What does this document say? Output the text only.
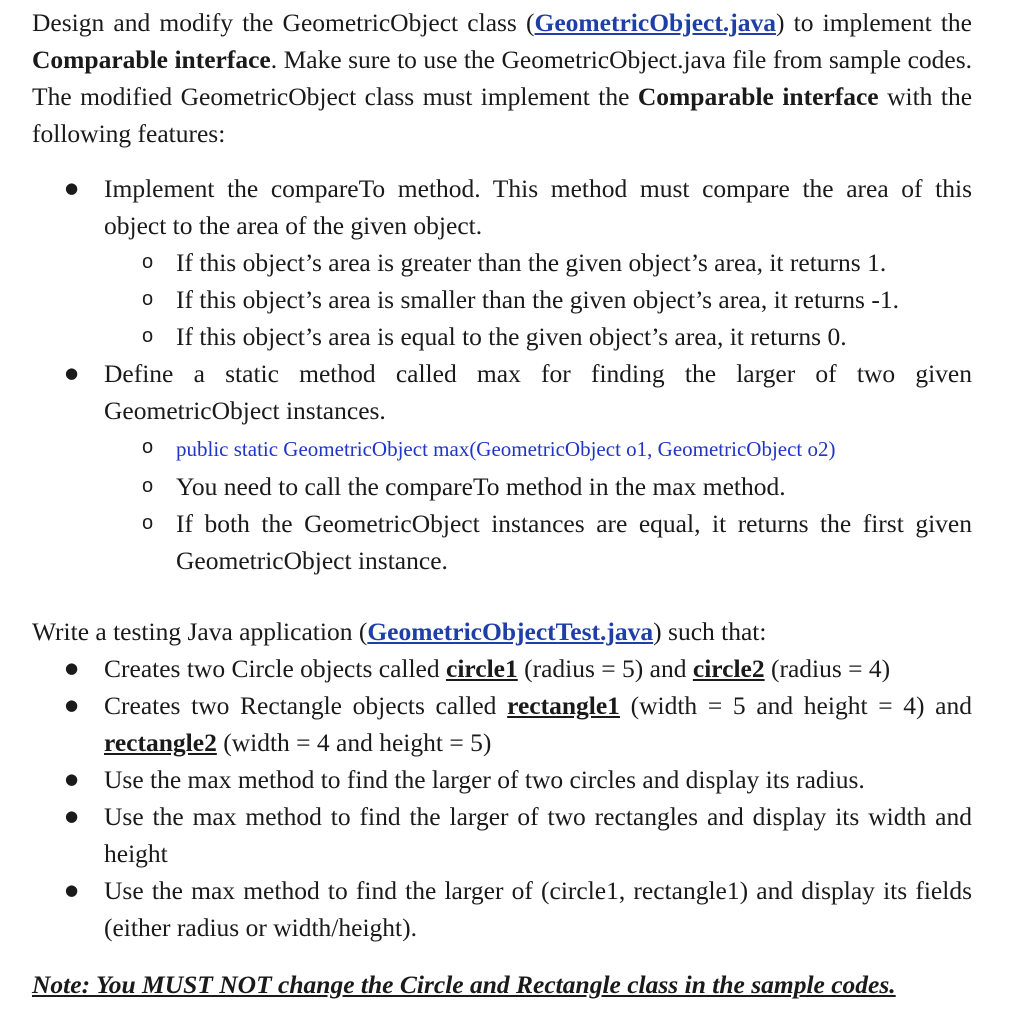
Design and modify the GeometricObject class (GeometricObject.java) to implement the Comparable interface. Make sure to use the GeometricObject.java file from sample codes. The modified GeometricObject class must implement the Comparable interface with the following features:

● Implement the compareTo method. This method must compare the area of this object to the area of the given object.
o If this object’s area is greater than the given object’s area, it returns 1.
o If this object’s area is smaller than the given object’s area, it returns -1.
o If this object’s area is equal to the given object’s area, it returns 0.
● Define a static method called max for finding the larger of two given GeometricObject instances.
o public static GeometricObject max(GeometricObject o1, GeometricObject o2)
o You need to call the compareTo method in the max method.
o If both the GeometricObject instances are equal, it returns the first given GeometricObject instance.

Write a testing Java application (GeometricObjectTest.java) such that:

● Creates two Circle objects called circle1 (radius = 5) and circle2 (radius = 4)
● Creates two Rectangle objects called rectangle1 (width = 5 and height = 4) and rectangle2 (width = 4 and height = 5)
● Use the max method to find the larger of two circles and display its radius.
● Use the max method to find the larger of two rectangles and display its width and height
● Use the max method to find the larger of (circle1, rectangle1) and display its fields (either radius or width/height).

Note: You MUST NOT change the Circle and Rectangle class in the sample codes.
